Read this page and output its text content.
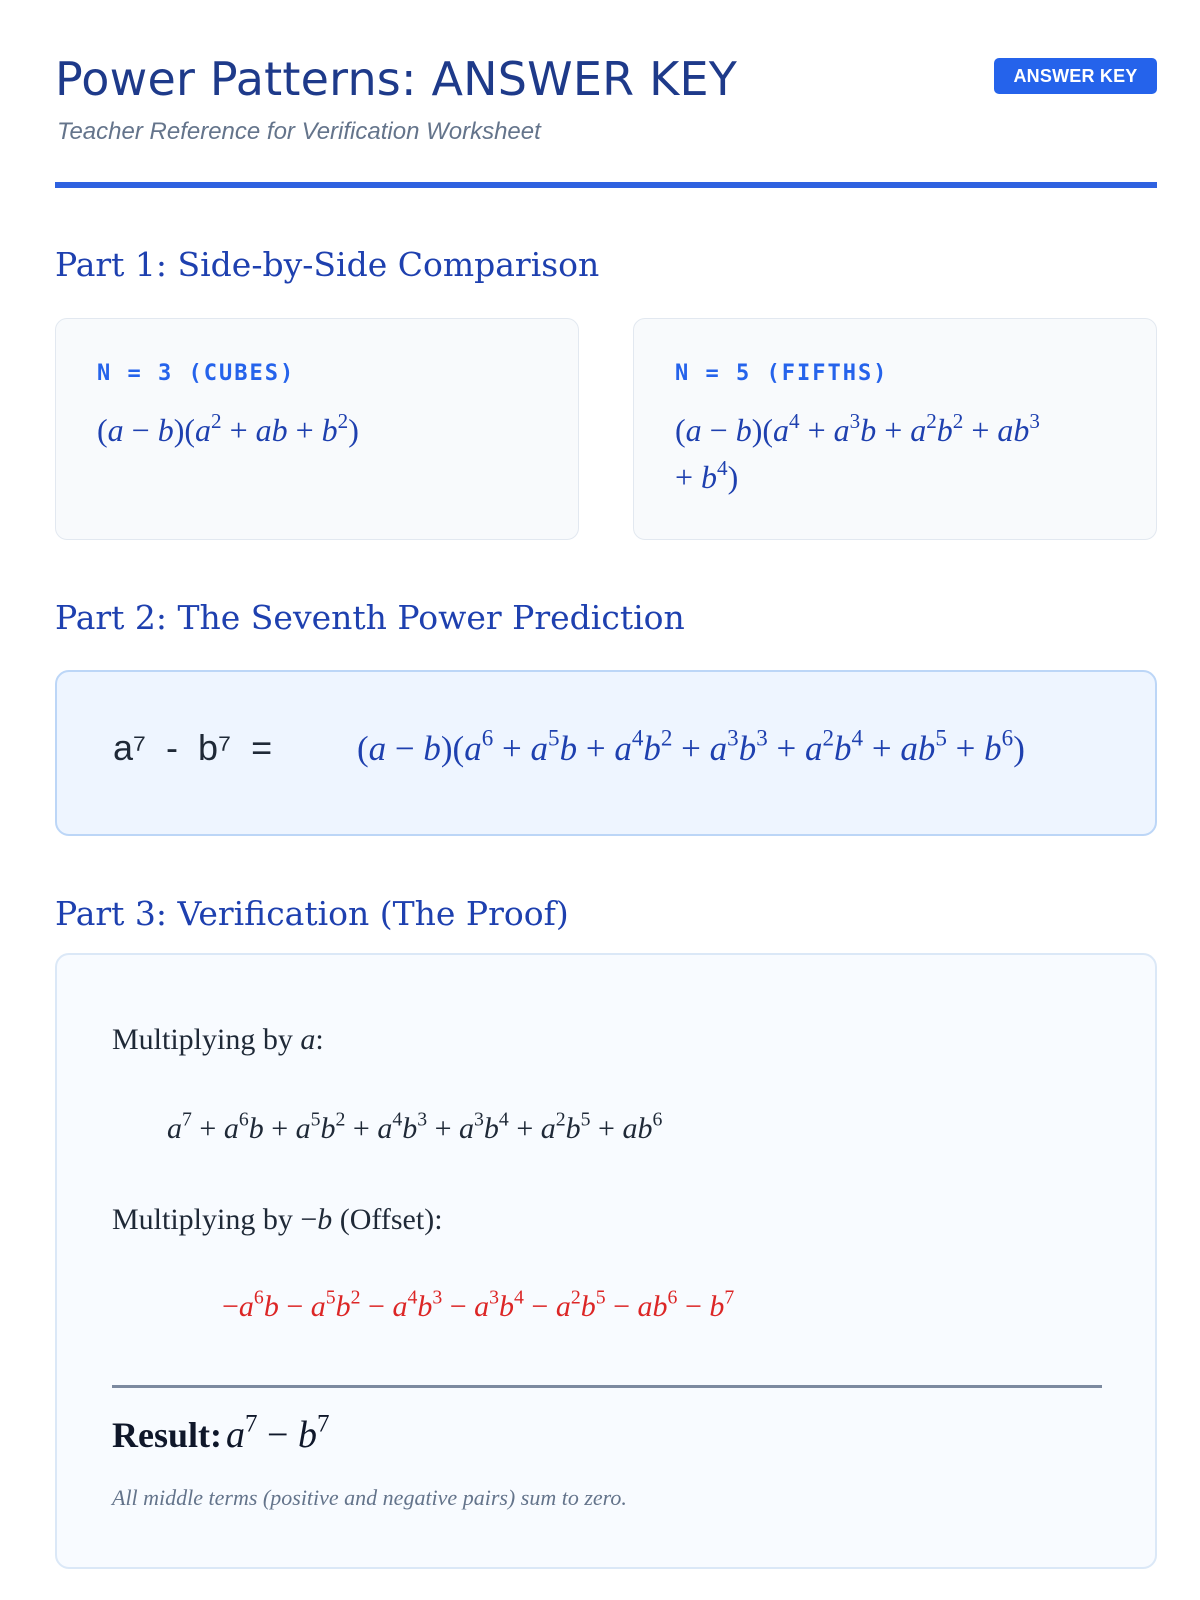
Power Patterns: ANSWER KEY
Teacher Reference for Verification Worksheet
ANSWER KEY
Part 1: Side-by-Side Comparison
N = 3 (CUBES)
$(a - b)(a^2$ + ab + $b^2$)
N = 5 (FIFTHS)
$(a - b)(a^4 + a^3b + a^2b^2 + ab^3$
+ $b^4$)
Part 2: The Seventh Power Prediction
$a^7 - b^7 = (a - b)(a^6 + a^5b + a^4b^2 + a^3b^3 + a^2b^4 + ab^5 + b^6)$
Part 3: Verification (The Proof)
Multiplying by a:
$a^7 + a^6b + a^5b^2 + a^4b^3 + a^3b^4 + a^2b^5 + ab^6$
Multiplying by −b (Offset):
$-a^6b - a^5b^2 - a^4b^3 - a^3b^4 - a^2b^5 - ab^6 - b^7$
Result: $a^7 - b^7$
All middle terms (positive and negative pairs) sum to zero.
